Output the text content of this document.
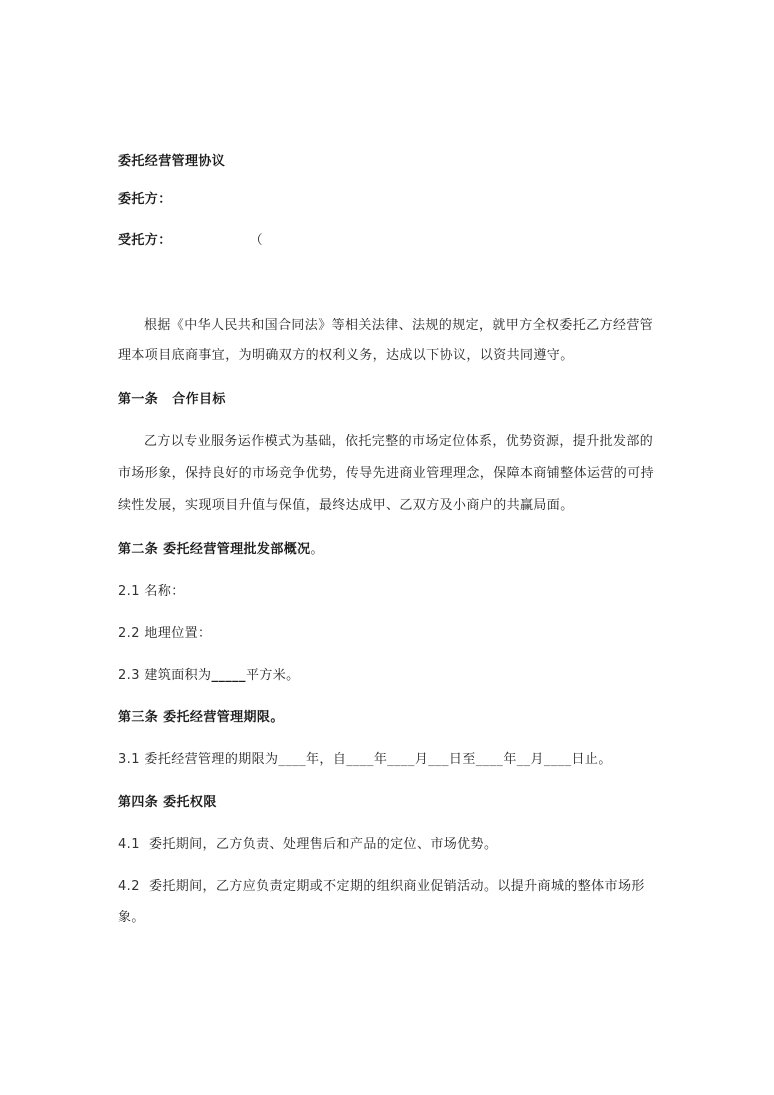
委托经营管理协议

委托方：

受托方：	（

根据《中华人民共和国合同法》等相关法律、法规的规定，就甲方全权委托乙方经营管

理本项目底商事宜，为明确双方的权利义务，达成以下协议，以资共同遵守。

第一条 合作目标

乙方以专业服务运作模式为基础，依托完整的市场定位体系，优势资源，提升批发部的

市场形象，保持良好的市场竞争优势，传导先进商业管理理念，保障本商铺整体运营的可持

续性发展，实现项目升值与保值，最终达成甲、乙双方及小商户的共赢局面。

第二条 委托经营管理批发部概况。

2.1 名称：

2.2 地理位置：

2.3 建筑面积为_____平方米。

第三条 委托经营管理期限。

3.1 委托经营管理的期限为____年，自____年____月___日至____年__月____日止。

第四条 委托权限

4.1 委托期间，乙方负责、处理售后和产品的定位、市场优势。

4.2 委托期间，乙方应负责定期或不定期的组织商业促销活动。以提升商城的整体市场形

象。
